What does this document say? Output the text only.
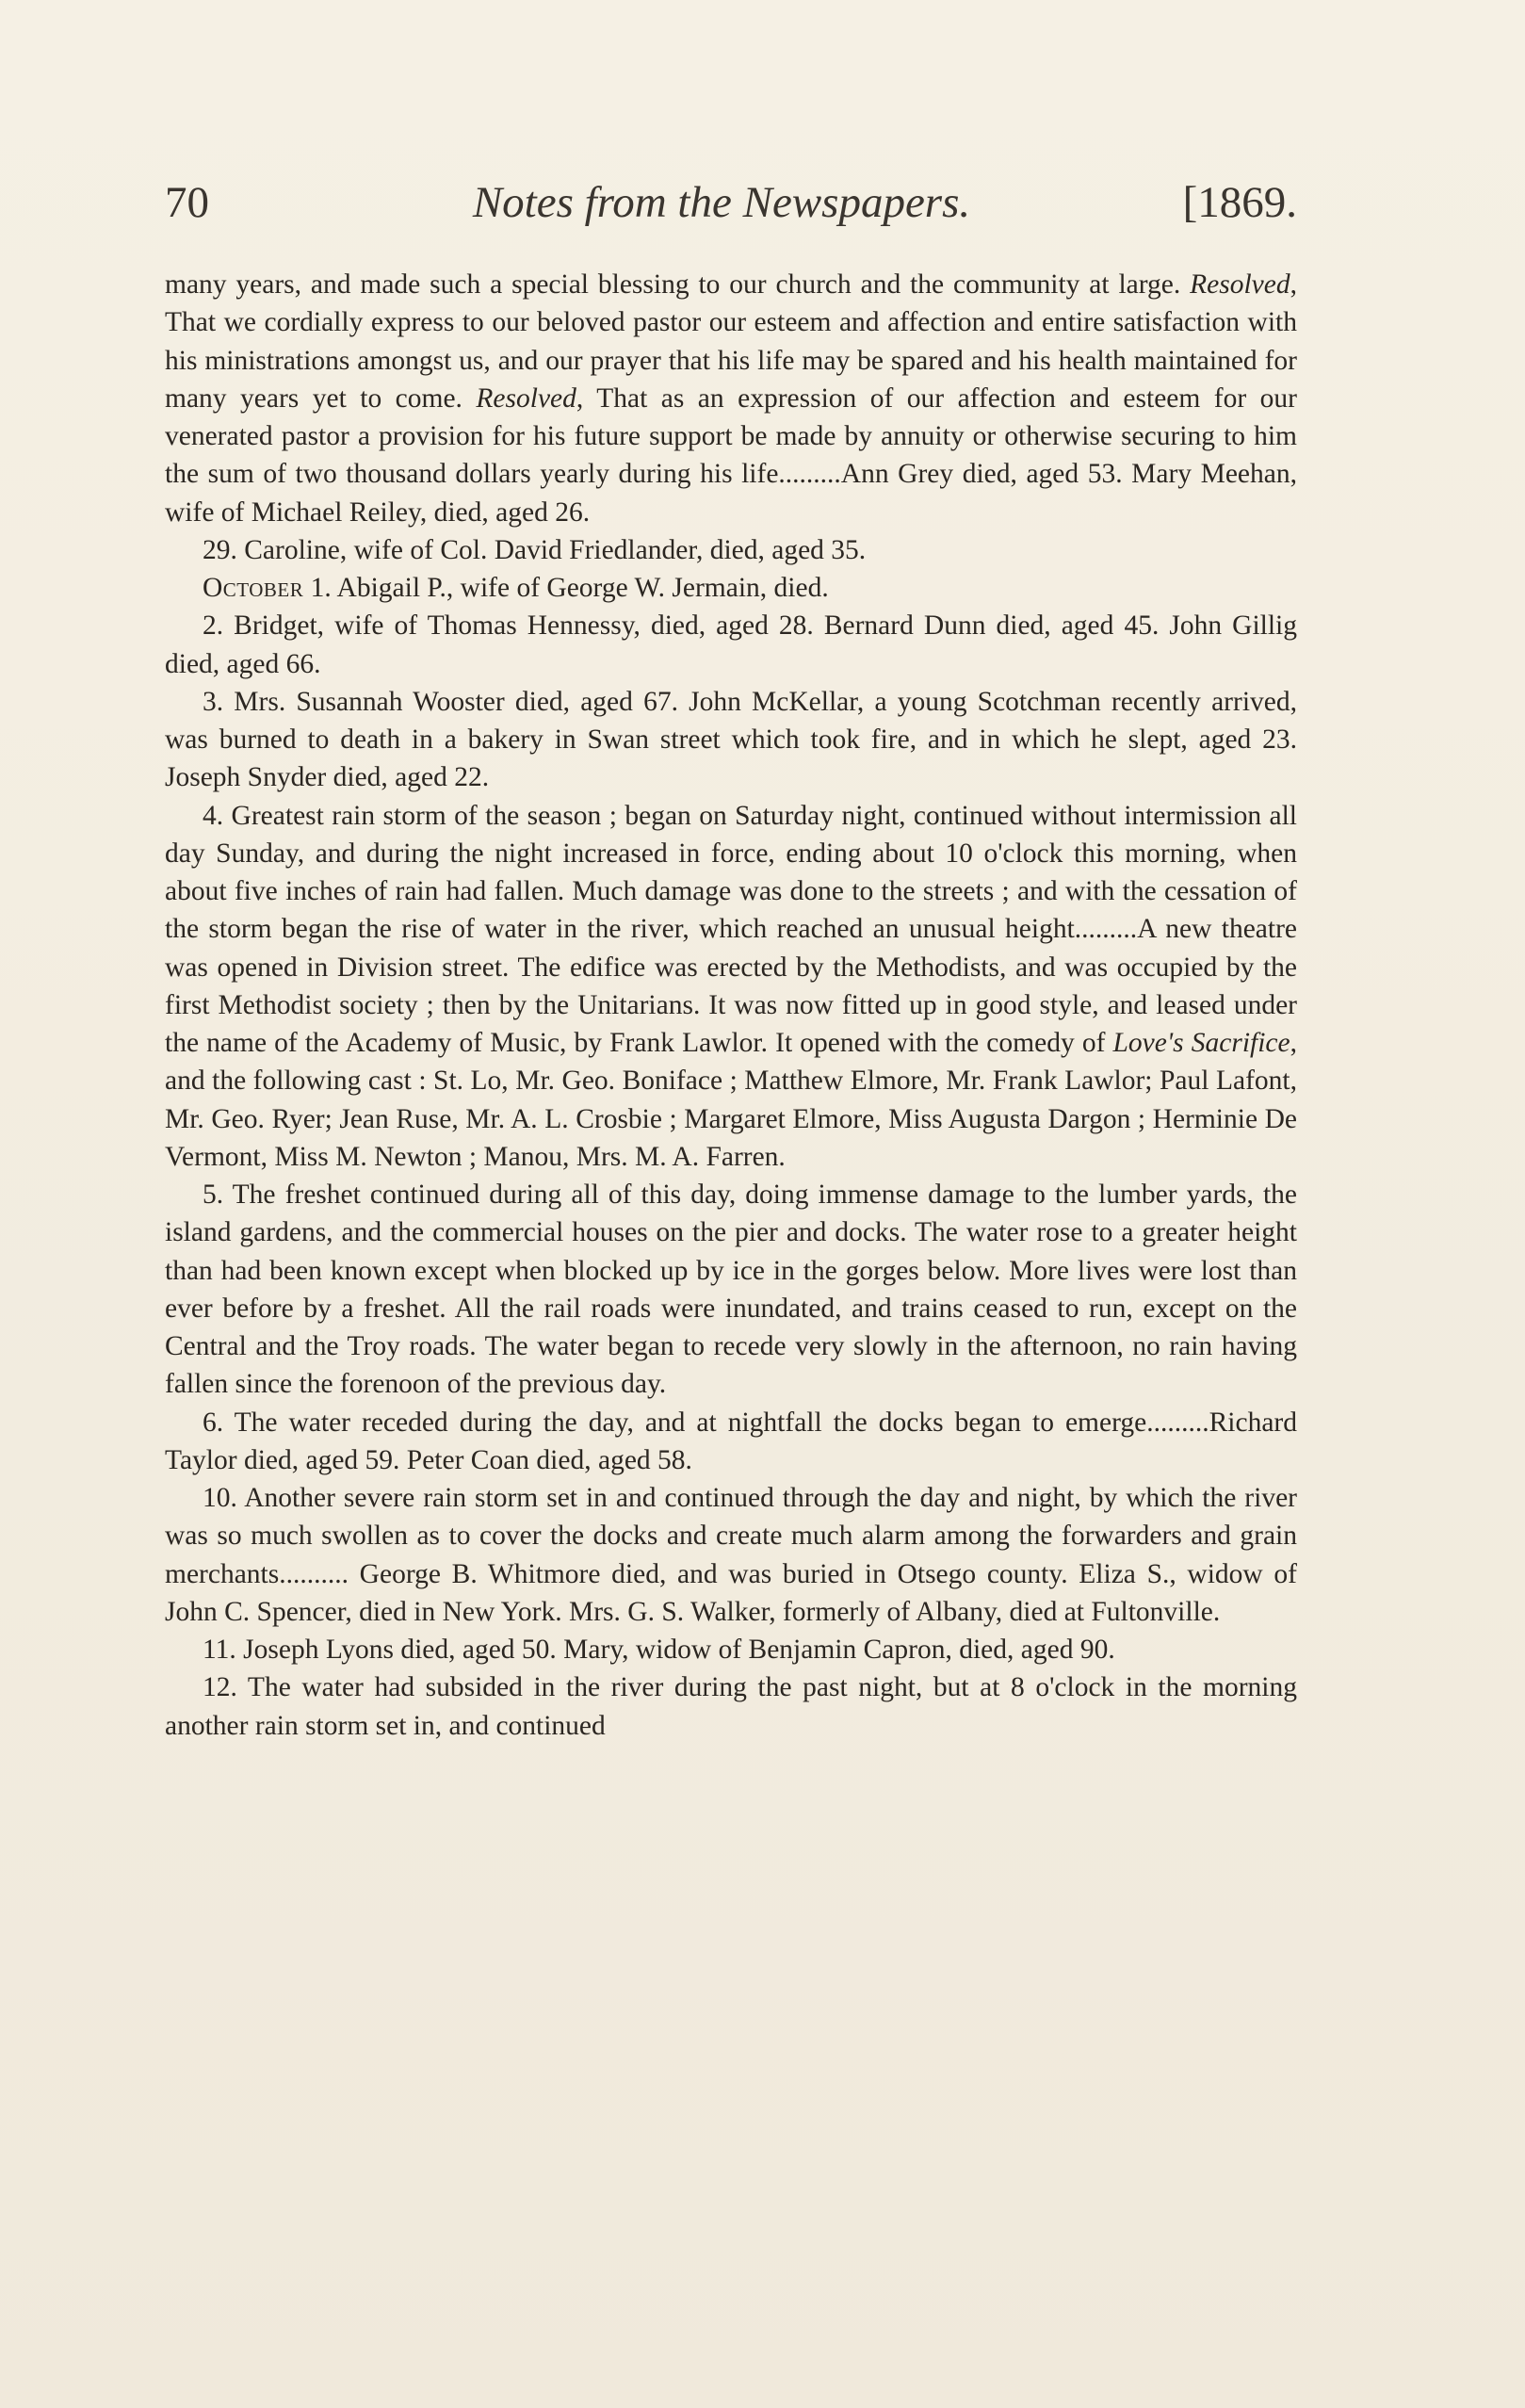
70	Notes from the Newspapers.	[1869.

many years, and made such a special blessing to our church and the community at large. Resolved, That we cordially express to our beloved pastor our esteem and affection and entire satisfaction with his ministrations amongst us, and our prayer that his life may be spared and his health maintained for many years yet to come. Resolved, That as an expression of our affection and esteem for our venerated pastor a provision for his future support be made by annuity or otherwise securing to him the sum of two thousand dollars yearly during his life.........Ann Grey died, aged 53. Mary Meehan, wife of Michael Reiley, died, aged 26.

29. Caroline, wife of Col. David Friedlander, died, aged 35.

October 1. Abigail P., wife of George W. Jermain, died.

2. Bridget, wife of Thomas Hennessy, died, aged 28. Bernard Dunn died, aged 45. John Gillig died, aged 66.

3. Mrs. Susannah Wooster died, aged 67. John McKellar, a young Scotchman recently arrived, was burned to death in a bakery in Swan street which took fire, and in which he slept, aged 23. Joseph Snyder died, aged 22.

4. Greatest rain storm of the season ; began on Saturday night, continued without intermission all day Sunday, and during the night increased in force, ending about 10 o'clock this morning, when about five inches of rain had fallen. Much damage was done to the streets ; and with the cessation of the storm began the rise of water in the river, which reached an unusual height.........A new theatre was opened in Division street. The edifice was erected by the Methodists, and was occupied by the first Methodist society ; then by the Unitarians. It was now fitted up in good style, and leased under the name of the Academy of Music, by Frank Lawlor. It opened with the comedy of Love's Sacrifice, and the following cast : St. Lo, Mr. Geo. Boniface ; Matthew Elmore, Mr. Frank Lawlor; Paul Lafont, Mr. Geo. Ryer; Jean Ruse, Mr. A. L. Crosbie ; Margaret Elmore, Miss Augusta Dargon ; Herminie De Vermont, Miss M. Newton ; Manou, Mrs. M. A. Farren.

5. The freshet continued during all of this day, doing immense damage to the lumber yards, the island gardens, and the commercial houses on the pier and docks. The water rose to a greater height than had been known except when blocked up by ice in the gorges below. More lives were lost than ever before by a freshet. All the rail roads were inundated, and trains ceased to run, except on the Central and the Troy roads. The water began to recede very slowly in the afternoon, no rain having fallen since the forenoon of the previous day.

6. The water receded during the day, and at nightfall the docks began to emerge.........Richard Taylor died, aged 59. Peter Coan died, aged 58.

10. Another severe rain storm set in and continued through the day and night, by which the river was so much swollen as to cover the docks and create much alarm among the forwarders and grain merchants.......... George B. Whitmore died, and was buried in Otsego county. Eliza S., widow of John C. Spencer, died in New York. Mrs. G. S. Walker, formerly of Albany, died at Fultonville.

11. Joseph Lyons died, aged 50. Mary, widow of Benjamin Capron, died, aged 90.

12. The water had subsided in the river during the past night, but at 8 o'clock in the morning another rain storm set in, and continued
